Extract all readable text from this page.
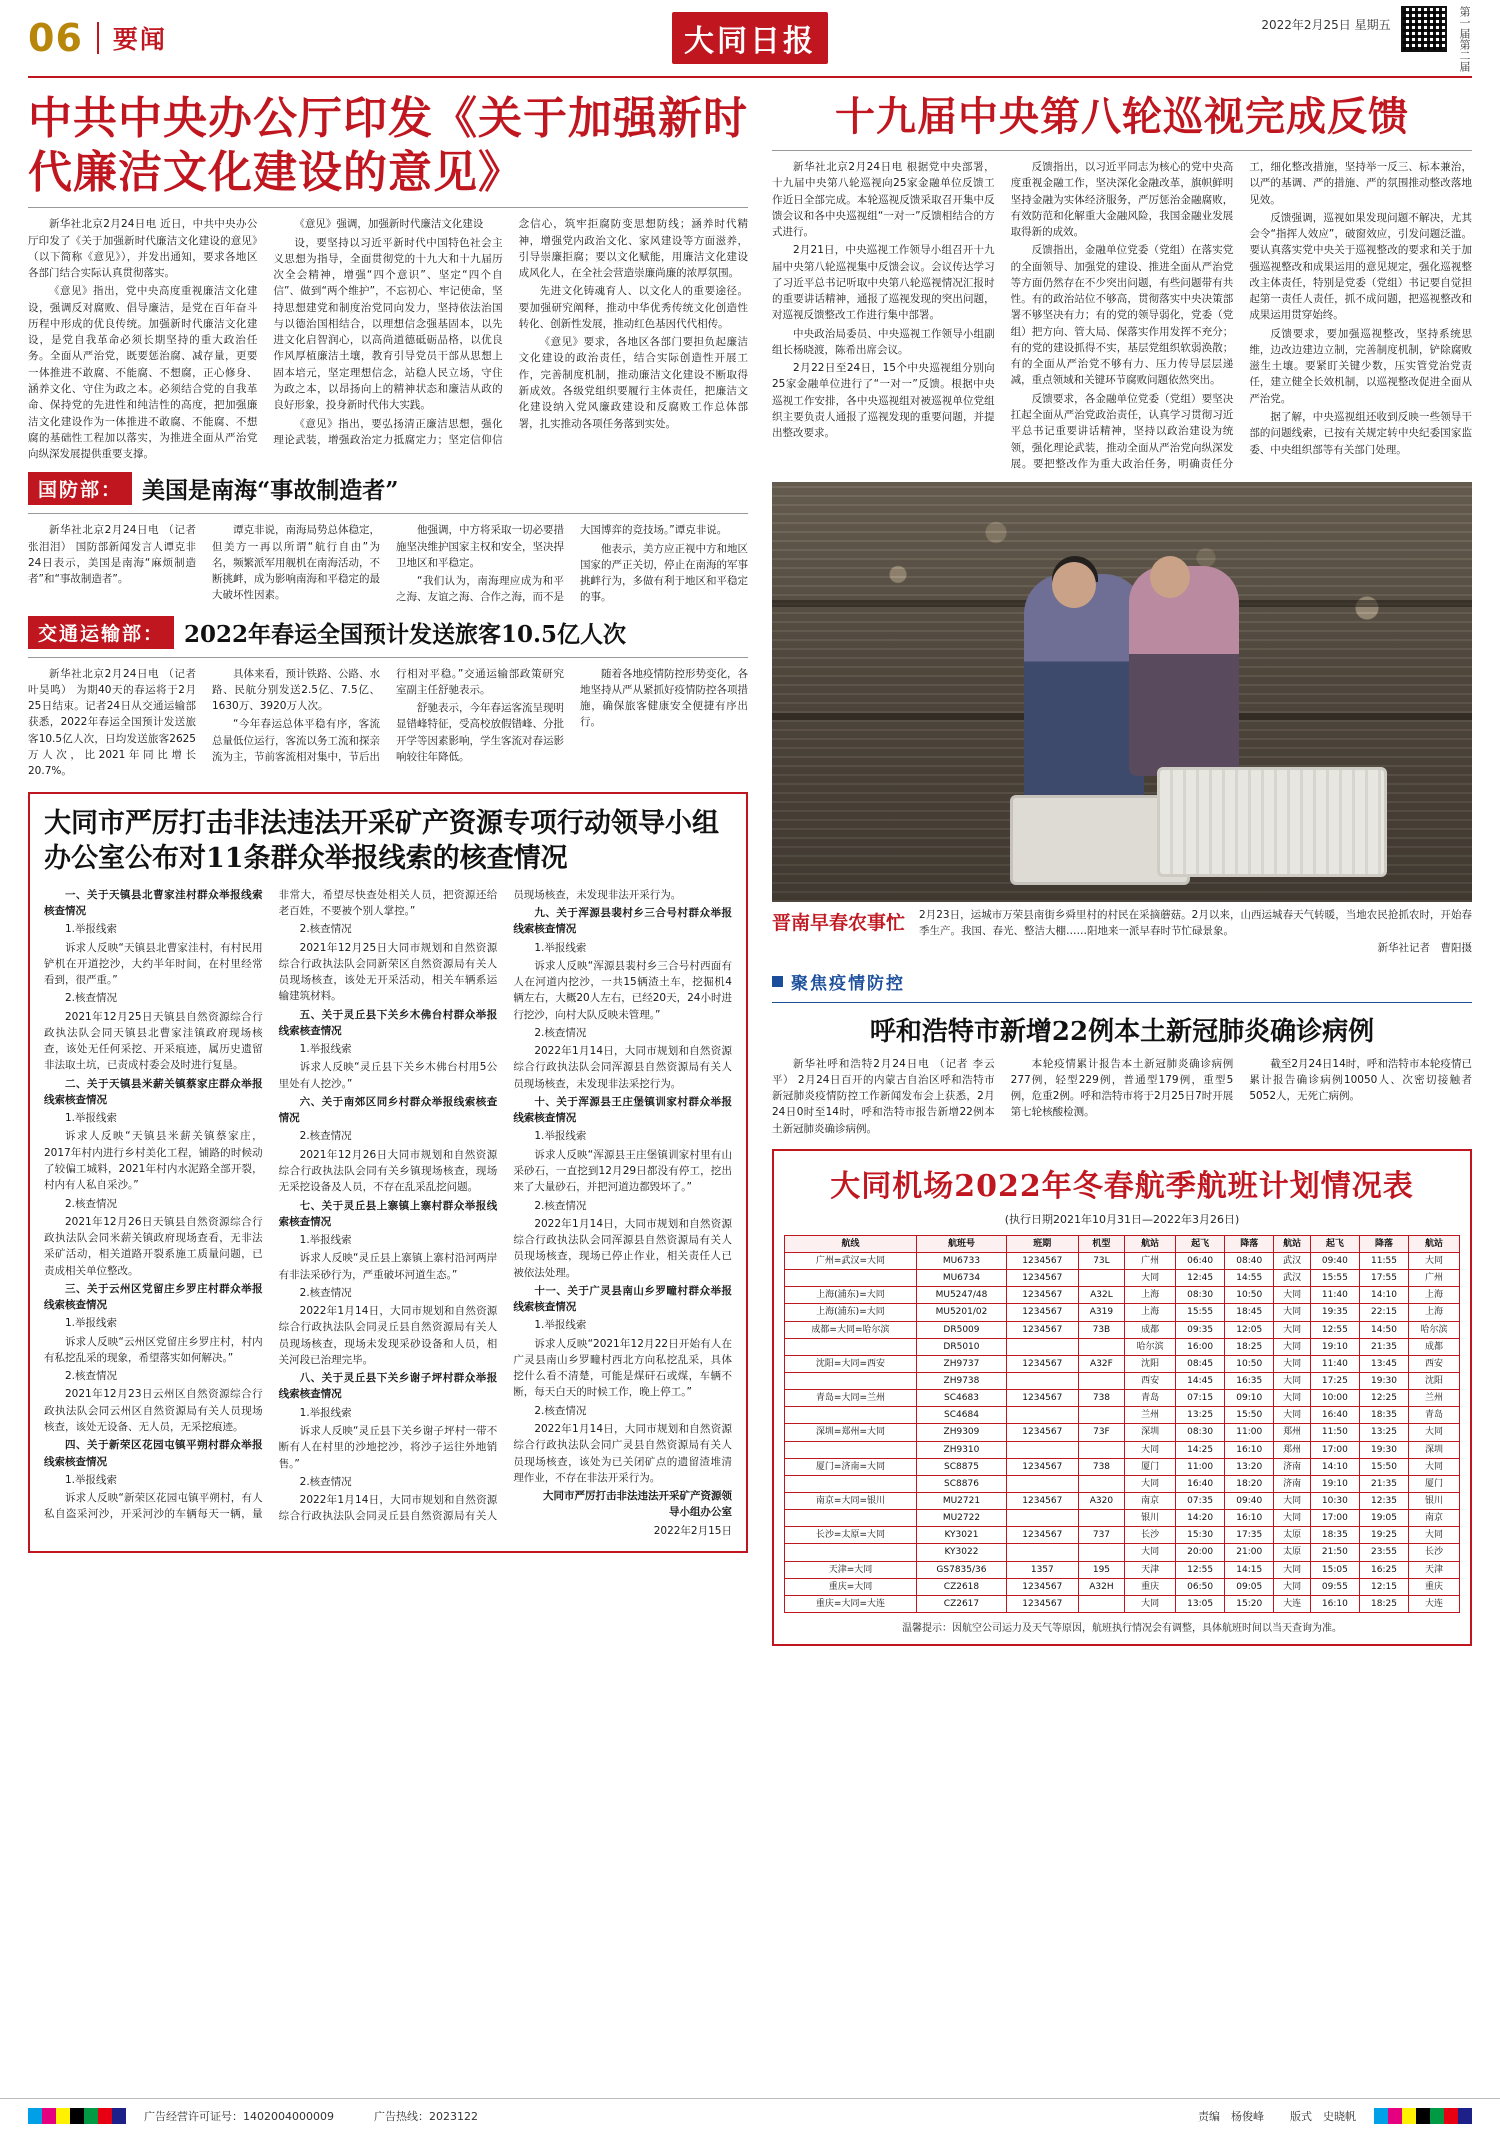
06 要闻	大同日报	2022年2月25日 星期五	第一届第二届
中共中央办公厅印发《关于加强新时代廉洁文化建设的意见》

新华社北京2月24日电 近日，中共中央办公厅印发了《关于加强新时代廉洁文化建设的意见》（以下简称《意见》），并发出通知，要求各地区各部门结合实际认真贯彻落实。

《意见》指出，党中央高度重视廉洁文化建设，强调反对腐败、倡导廉洁，是党在百年奋斗历程中形成的优良传统。加强新时代廉洁文化建设，是党自我革命必须长期坚持的重大政治任务。全面从严治党，既要惩治腐、减存量，更要一体推进不敢腐、不能腐、不想腐，正心修身、涵养文化、守住为政之本。必须结合党的自我革命、保持党的先进性和纯洁性的高度，把加强廉洁文化建设作为一体推进不敢腐、不能腐、不想腐的基础性工程加以落实，为推进全面从严治党向纵深发展提供重要支撑。

《意见》强调，加强新时代廉洁文化建设

设，要坚持以习近平新时代中国特色社会主义思想为指导，全面贯彻党的十九大和十九届历次全会精神，增强“四个意识”、坚定“四个自信”、做到“两个维护”，不忘初心、牢记使命，坚持思想建党和制度治党同向发力，坚持依法治国与以德治国相结合，以理想信念强基固本，以先进文化启智润心，以高尚道德砥砺品格，以优良作风厚植廉洁土壤，教育引导党员干部从思想上固本培元，坚定理想信念，站稳人民立场，守住为政之本，以昂扬向上的精神状态和廉洁从政的良好形象，投身新时代伟大实践。

《意见》指出，要弘扬清正廉洁思想，强化理论武装，增强政治定力抵腐定力；坚定信仰信念信心，筑牢拒腐防变思想防线；涵养时代精神，增强党内政治文化、家风建设等方面滋养，引导崇廉拒腐；要以文化赋能，用廉洁文化建设成风化人，在全社会营造崇廉尚廉的浓厚氛围。

先进文化铸魂育人、以文化人的重要途径。要加强研究阐释，推动中华优秀传统文化创造性转化、创新性发展，推动红色基因代代相传。

《意见》要求，各地区各部门要担负起廉洁文化建设的政治责任，结合实际创造性开展工作，完善制度机制，推动廉洁文化建设不断取得新成效。各级党组织要履行主体责任，把廉洁文化建设纳入党风廉政建设和反腐败工作总体部署，扎实推动各项任务落到实处。

国防部： 美国是南海“事故制造者”

新华社北京2月24日电 （记者 张泪泪） 国防部新闻发言人谭克非24日表示，美国是南海“麻烦制造者”和“事故制造者”。

谭克非说，南海局势总体稳定，但美方一再以所谓“航行自由”为名，频繁派军用舰机在南海活动，不断挑衅，成为影响南海和平稳定的最大破坏性因素。

他强调，中方将采取一切必要措施坚决维护国家主权和安全，坚决捍卫地区和平稳定。

“我们认为，南海理应成为和平之海、友谊之海、合作之海，而不是大国博弈的竞技场。”谭克非说。

他表示，美方应正视中方和地区国家的严正关切，停止在南海的军事挑衅行为，多做有利于地区和平稳定的事。

交通运输部： 2022年春运全国预计发送旅客10.5亿人次

新华社北京2月24日电 （记者 叶昊鸣） 为期40天的春运将于2月25日结束。记者24日从交通运输部获悉，2022年春运全国预计发送旅客10.5亿人次，日均发送旅客2625万人次，比2021年同比增长20.7%。

具体来看，预计铁路、公路、水路、民航分别发送2.5亿、7.5亿、1630万、3920万人次。

“今年春运总体平稳有序，客流总量低位运行，客流以务工流和探亲流为主，节前客流相对集中，节后出行相对平稳。”交通运输部政策研究室副主任舒驰表示。

舒驰表示，今年春运客流呈现明显错峰特征，受高校放假错峰、分批开学等因素影响，学生客流对春运影响较往年降低。

随着各地疫情防控形势变化，各地坚持从严从紧抓好疫情防控各项措施，确保旅客健康安全便捷有序出行。

大同市严厉打击非法违法开采矿产资源专项行动领导小组办公室公布对11条群众举报线索的核查情况

一、关于天镇县北曹家洼村群众举报线索核查情况

1.举报线索

诉求人反映“天镇县北曹家洼村，有村民用铲机在开道挖沙，大约半年时间，在村里经常看到，很严重。”

2.核查情况

2021年12月25日天镇县自然资源综合行政执法队会同天镇县北曹家洼镇政府现场核查，该处无任何采挖、开采痕迹，属历史遗留非法取土坑，已责成村委会及时进行复垦。

二、关于天镇县米薪关镇蔡家庄群众举报线索核查情况

1.举报线索

诉求人反映“天镇县米薪关镇蔡家庄，2017年村内进行乡村美化工程，铺路的时候动了较偏工城料，2021年村内水泥路全部开裂，村内有人私自采沙。”

2.核查情况

2021年12月26日天镇县自然资源综合行政执法队会同米薪关镇政府现场查看，无非法采矿活动，相关道路开裂系施工质量问题，已责成相关单位整改。

三、关于云州区党留庄乡罗庄村群众举报线索核查情况

1.举报线索

诉求人反映“云州区党留庄乡罗庄村，村内有私挖乱采的现象，希望落实如何解决。”

2.核查情况

2021年12月23日云州区自然资源综合行政执法队会同云州区自然资源局有关人员现场核查，该处无设备、无人员，无采挖痕迹。

四、关于新荣区花园屯镇平朔村群众举报线索核查情况

1.举报线索

诉求人反映“新荣区花园屯镇平朔村，有人私自盗采河沙，开采河沙的车辆每天一辆，量非常大，希望尽快查处相关人员，把资源还给老百姓，不要被个别人掌控。”

2.核查情况

2021年12月25日大同市规划和自然资源综合行政执法队会同新荣区自然资源局有关人员现场核查，该处无开采活动，相关车辆系运输建筑材料。

五、关于灵丘县下关乡木佛台村群众举报线索核查情况

1.举报线索

诉求人反映“灵丘县下关乡木佛台村用5公里处有人挖沙。”

六、关于南郊区同乡村群众举报线索核查情况

2.核查情况

2021年12月26日大同市规划和自然资源综合行政执法队会同有关乡镇现场核查，现场无采挖设备及人员，不存在乱采乱挖问题。

七、关于灵丘县上寨镇上寨村群众举报线索核查情况

1.举报线索

诉求人反映“灵丘县上寨镇上寨村沿河两岸有非法采砂行为，严重破坏河道生态。”

2.核查情况

2022年1月14日，大同市规划和自然资源综合行政执法队会同灵丘县自然资源局有关人员现场核查，现场未发现采砂设备和人员，相关河段已治理完毕。

八、关于灵丘县下关乡谢子坪村群众举报线索核查情况

1.举报线索

诉求人反映“灵丘县下关乡谢子坪村一带不断有人在村里的沙地挖沙，将沙子运往外地销售。”

2.核查情况

2022年1月14日，大同市规划和自然资源综合行政执法队会同灵丘县自然资源局有关人员现场核查，未发现非法开采行为。

九、关于浑源县裴村乡三合号村群众举报线索核查情况

1.举报线索

诉求人反映“浑源县裴村乡三合号村西面有人在河道内挖沙，一共15辆渣土车，挖掘机4辆左右，大概20人左右，已经20天，24小时进行挖沙，向村大队反映未管理。”

2.核查情况

2022年1月14日，大同市规划和自然资源综合行政执法队会同浑源县自然资源局有关人员现场核查，未发现非法采挖行为。

十、关于浑源县王庄堡镇训家村群众举报线索核查情况

1.举报线索

诉求人反映“浑源县王庄堡镇训家村里有山采砂石，一直挖到12月29日都没有停工，挖出来了大量砂石，并把河道边都毁坏了。”

2.核查情况

2022年1月14日，大同市规划和自然资源综合行政执法队会同浑源县自然资源局有关人员现场核查，现场已停止作业，相关责任人已被依法处理。

十一、关于广灵县南山乡罗疃村群众举报线索核查情况

1.举报线索

诉求人反映“2021年12月22日开始有人在广灵县南山乡罗疃村西北方向私挖乱采，具体挖什么看不清楚，可能是煤矸石或煤，车辆不断，每天白天的时候工作，晚上停工。”

2.核查情况

2022年1月14日，大同市规划和自然资源综合行政执法队会同广灵县自然资源局有关人员现场核查，该处为已关闭矿点的遗留渣堆清理作业，不存在非法开采行为。

大同市严厉打击非法违法开采矿产资源领导小组办公室

2022年2月15日

十九届中央第八轮巡视完成反馈

新华社北京2月24日电 根据党中央部署，十九届中央第八轮巡视向25家金融单位反馈工作近日全部完成。本轮巡视反馈采取召开集中反馈会议和各中央巡视组“一对一”反馈相结合的方式进行。

2月21日，中央巡视工作领导小组召开十九届中央第八轮巡视集中反馈会议。会议传达学习了习近平总书记听取中央第八轮巡视情况汇报时的重要讲话精神，通报了巡视发现的突出问题，对巡视反馈整改工作进行集中部署。

中央政治局委员、中央巡视工作领导小组副组长杨晓渡，陈希出席会议。

2月22日至24日，15个中央巡视组分别向25家金融单位进行了“一对一”反馈。根据中央巡视工作安排，各中央巡视组对被巡视单位党组织主要负责人通报了巡视发现的重要问题，并提出整改要求。

反馈指出，以习近平同志为核心的党中央高度重视金融工作，坚决深化金融改革，旗帜鲜明坚持金融为实体经济服务，严厉惩治金融腐败，有效防范和化解重大金融风险，我国金融业发展取得新的成效。

反馈指出，金融单位党委（党组）在落实党的全面领导、加强党的建设、推进全面从严治党等方面仍然存在不少突出问题，有些问题带有共性。有的政治站位不够高，贯彻落实中央决策部署不够坚决有力；有的党的领导弱化，党委（党组）把方向、管大局、保落实作用发挥不充分；有的党的建设抓得不实，基层党组织软弱涣散；有的全面从严治党不够有力、压力传导层层递减，重点领域和关键环节腐败问题依然突出。

反馈要求，各金融单位党委（党组）要坚决扛起全面从严治党政治责任，认真学习贯彻习近平总书记重要讲话精神，坚持以政治建设为统领，强化理论武装，推动全面从严治党向纵深发展。要把整改作为重大政治任务，明确责任分工，细化整改措施，坚持举一反三、标本兼治，以严的基调、严的措施、严的氛围推动整改落地见效。

反馈强调，巡视如果发现问题不解决，尤其会令“指挥人效应”，破窗效应，引发问题泛滥。要认真落实党中央关于巡视整改的要求和关于加强巡视整改和成果运用的意见规定，强化巡视整改主体责任，特别是党委（党组）书记要自觉担起第一责任人责任，抓不成问题，把巡视整改和成果运用贯穿始终。

反馈要求，要加强巡视整改，坚持系统思维，边改边建边立制，完善制度机制，铲除腐败滋生土壤。要紧盯关键少数，压实管党治党责任，建立健全长效机制，以巡视整改促进全面从严治党。

据了解，中央巡视组还收到反映一些领导干部的问题线索，已按有关规定转中央纪委国家监委、中央组织部等有关部门处理。

晋南早春农事忙 2月23日，运城市万荣县南街乡舜里村的村民在采摘蘑菇。2月以来，山西运城春天气转暖，当地农民抢抓农时，开始春季生产。我国、春光、整洁大棚……阳地来一派早春时节忙碌景象。
新华社记者　曹阳摄
聚焦疫情防控
呼和浩特市新增22例本土新冠肺炎确诊病例

新华社呼和浩特2月24日电 （记者 李云平） 2月24日百开的内蒙古自治区呼和浩特市新冠肺炎疫情防控工作新闻发布会上获悉，2月24日0时至14时，呼和浩特市报告新增22例本土新冠肺炎确诊病例。

本轮疫情累计报告本土新冠肺炎确诊病例277例，轻型229例，普通型179例，重型5例，危重2例。呼和浩特市将于2月25日7时开展第七轮核酸检测。

截至2月24日14时，呼和浩特市本轮疫情已累计报告确诊病例10050人、次密切接触者5052人，无死亡病例。

大同机场2022年冬春航季航班计划情况表
(执行日期2021年10月31日—2022年3月26日)
航线	航班号	班期	机型	航站	起飞	降落	航站	起飞	降落	航站
广州=武汉=大同	MU6733	1234567	73L	广州	06:40	08:40	武汉	09:40	11:55	大同
	MU6734	1234567		大同	12:45	14:55	武汉	15:55	17:55	广州
上海(浦东)=大同	MU5247/48	1234567	A32L	上海	08:30	10:50	大同	11:40	14:10	上海
上海(浦东)=大同	MU5201/02	1234567	A319	上海	15:55	18:45	大同	19:35	22:15	上海
成都=大同=哈尔滨	DR5009	1234567	73B	成都	09:35	12:05	大同	12:55	14:50	哈尔滨
	DR5010			哈尔滨	16:00	18:25	大同	19:10	21:35	成都
沈阳=大同=西安	ZH9737	1234567	A32F	沈阳	08:45	10:50	大同	11:40	13:45	西安
	ZH9738			西安	14:45	16:35	大同	17:25	19:30	沈阳
青岛=大同=兰州	SC4683	1234567	738	青岛	07:15	09:10	大同	10:00	12:25	兰州
	SC4684			兰州	13:25	15:50	大同	16:40	18:35	青岛
深圳=郑州=大同	ZH9309	1234567	73F	深圳	08:30	11:00	郑州	11:50	13:25	大同
	ZH9310			大同	14:25	16:10	郑州	17:00	19:30	深圳
厦门=济南=大同	SC8875	1234567	738	厦门	11:00	13:20	济南	14:10	15:50	大同
	SC8876			大同	16:40	18:20	济南	19:10	21:35	厦门
南京=大同=银川	MU2721	1234567	A320	南京	07:35	09:40	大同	10:30	12:35	银川
	MU2722			银川	14:20	16:10	大同	17:00	19:05	南京
长沙=太原=大同	KY3021	1234567	737	长沙	15:30	17:35	太原	18:35	19:25	大同
	KY3022			大同	20:00	21:00	太原	21:50	23:55	长沙
天津=大同	GS7835/36	1357	195	天津	12:55	14:15	大同	15:05	16:25	天津
重庆=大同	CZ2618	1234567	A32H	重庆	06:50	09:05	大同	09:55	12:15	重庆
重庆=大同=大连	CZ2617	1234567		大同	13:05	15:20	大连	16:10	18:25	大连
温馨提示：因航空公司运力及天气等原因，航班执行情况会有调整，具体航班时间以当天查询为准。
广告经营许可证号：1402004000009	广告热线：2023122	责编　 杨俊峰 版式　 史晓帆
